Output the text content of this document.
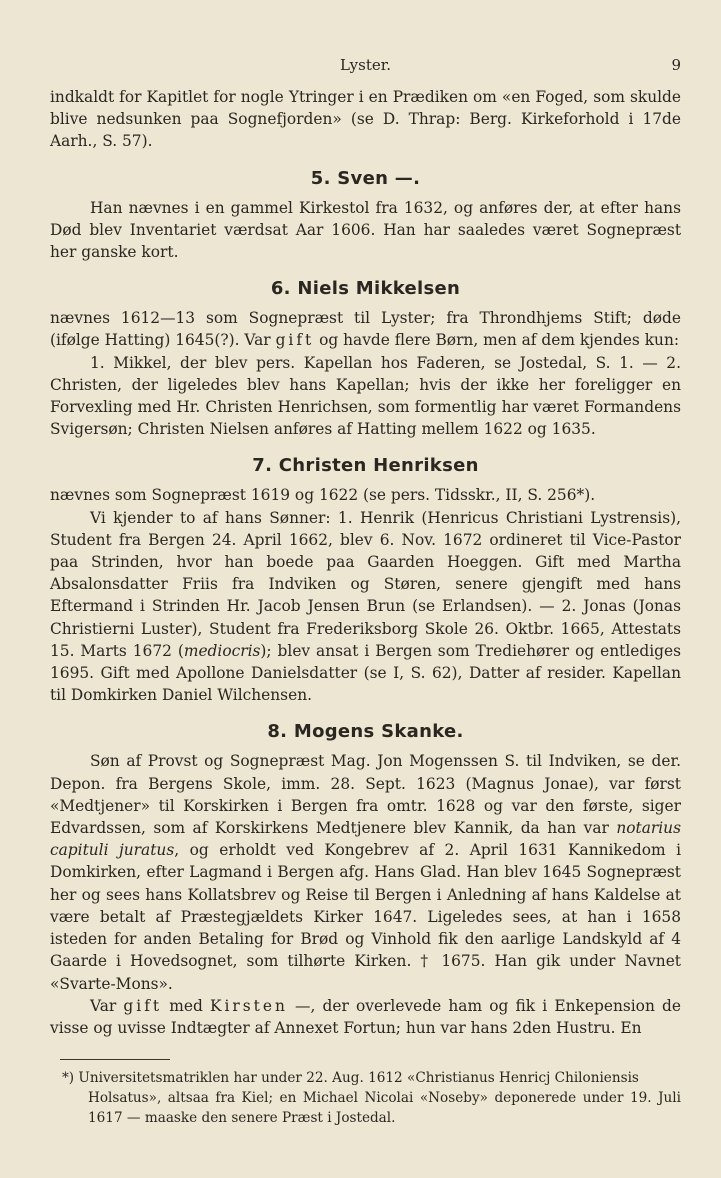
Lyster.	9

indkaldt for Kapitlet for nogle Ytringer i en Prædiken om «en Foged, som skulde blive nedsunken paa Sognefjorden» (se D. Thrap: Berg. Kirkeforhold i 17de Aarh., S. 57).

5. Sven —.

Han nævnes i en gammel Kirkestol fra 1632, og anføres der, at efter hans Død blev Inventariet værdsat Aar 1606. Han har saaledes været Sognepræst her ganske kort.

6. Niels Mikkelsen

nævnes 1612—13 som Sognepræst til Lyster; fra Throndhjems Stift; døde (ifølge Hatting) 1645(?). Var gift og havde flere Børn, men af dem kjendes kun:

1. Mikkel, der blev pers. Kapellan hos Faderen, se Jostedal, S. 1. — 2. Christen, der ligeledes blev hans Kapellan; hvis der ikke her foreligger en Forvexling med Hr. Christen Henrichsen, som formentlig har været Formandens Svigersøn; Christen Nielsen anføres af Hatting mellem 1622 og 1635.

7. Christen Henriksen

nævnes som Sognepræst 1619 og 1622 (se pers. Tidsskr., II, S. 256*).

Vi kjender to af hans Sønner: 1. Henrik (Henricus Christiani Lystrensis), Student fra Bergen 24. April 1662, blev 6. Nov. 1672 ordineret til Vice-Pastor paa Strinden, hvor han boede paa Gaarden Hoeggen. Gift med Martha Absalonsdatter Friis fra Indviken og Støren, senere gjengift med hans Eftermand i Strinden Hr. Jacob Jensen Brun (se Erlandsen). — 2. Jonas (Jonas Christierni Luster), Student fra Frederiksborg Skole 26. Oktbr. 1665, Attestats 15. Marts 1672 (mediocris); blev ansat i Bergen som Trediehører og entlediges 1695. Gift med Apollone Danielsdatter (se I, S. 62), Datter af resider. Kapellan til Domkirken Daniel Wilchensen.

8. Mogens Skanke.

Søn af Provst og Sognepræst Mag. Jon Mogenssen S. til Indviken, se der. Depon. fra Bergens Skole, imm. 28. Sept. 1623 (Magnus Jonae), var først «Medtjener» til Korskirken i Bergen fra omtr. 1628 og var den første, siger Edvardssen, som af Korskirkens Medtjenere blev Kannik, da han var notarius capituli juratus, og erholdt ved Kongebrev af 2. April 1631 Kannikedom i Domkirken, efter Lagmand i Bergen afg. Hans Glad. Han blev 1645 Sognepræst her og sees hans Kollatsbrev og Reise til Bergen i Anledning af hans Kaldelse at være betalt af Præstegjældets Kirker 1647. Ligeledes sees, at han i 1658 isteden for anden Betaling for Brød og Vinhold fik den aarlige Landskyld af 4 Gaarde i Hovedsognet, som tilhørte Kirken. † 1675. Han gik under Navnet «Svarte-Mons».

Var gift med Kirsten —, der overlevede ham og fik i Enkepension de visse og uvisse Indtægter af Annexet Fortun; hun var hans 2den Hustru. En

*) Universitetsmatriklen har under 22. Aug. 1612 «Christianus Henricj Chiloniensis

Holsatus», altsaa fra Kiel; en Michael Nicolai «Noseby» deponerede under 19. Juli 1617 — maaske den senere Præst i Jostedal.
